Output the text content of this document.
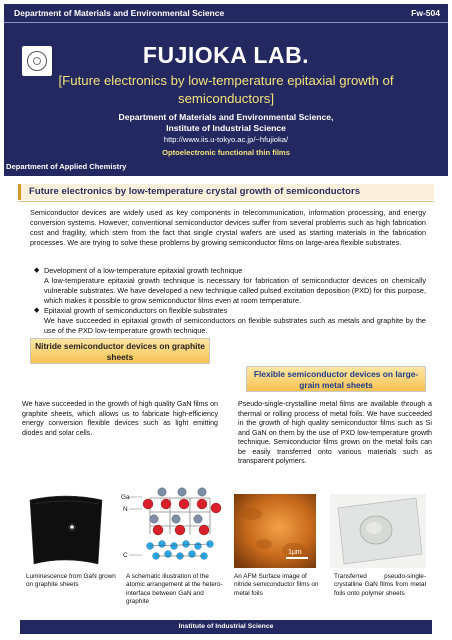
Department of Materials and Environmental Science	Fw-504
FUJIOKA LAB.
[Future electronics by low-temperature epitaxial growth of semiconductors]
Department of Materials and Environmental Science,
Institute of Industrial Science
http://www.iis.u-tokyo.ac.jp/~hfujioka/
Optoelectronic functional thin films
Department of Applied Chemistry
Future electronics by low-temperature crystal growth of semiconductors
Semiconductor devices are widely used as key components in telecommunication, information processing, and energy conversion systems. However, conventional semiconductor devices suffer from several problems such as high fabrication cost and fragility, which stem from the fact that single crystal wafers are used as starting materials in the fabrication processes. We are trying to solve these problems by growing semiconductor films on large-area flexible substrates.
◆ Development of a low-temperature epitaxial growth technique
A low-temperature epitaxial growth technique is necessary for fabrication of semiconductor devices on chemically vulnerable substrates. We have developed a new technique called pulsed excitation deposition (PXD) for this purpose, which makes it possible to grow semiconductor films even at room temperature.
◆ Epitaxial growth of semiconductors on flexible substrates
We have succeeded in epitaxial growth of semiconductors on flexible substrates such as metals and graphite by the use of the PXD low-temperature growth technique.
Nitride semiconductor devices on graphite sheets
Flexible semiconductor devices on large-grain metal sheets
We have succeeded in the growth of high quality GaN films on graphite sheets, which allows us to fabricate high-efficiency energy conversion flexible devices such as light emitting diodes and solar cells.
Pseudo-single-crystalline metal films are available through a thermal or rolling process of metal foils. We have succeeded in the growth of high quality semiconductor films such as Si and GaN on them by the use of PXD low-temperature growth technique. Semiconductor films grown on the metal foils can be easily transferred onto various materials such as transparent polymers.
Ga
N
C	1μm
Luminescence from GaN grown on graphite sheets
A schematic illustration of the atomic arrangement at the hetero-interface between GaN and graphite
An AFM Surface image of nitride semiconductor films on metal foils
Transferred pseudo-single-crystalline GaN films from metal foils onto polymer sheets
Institute of Industrial Science
